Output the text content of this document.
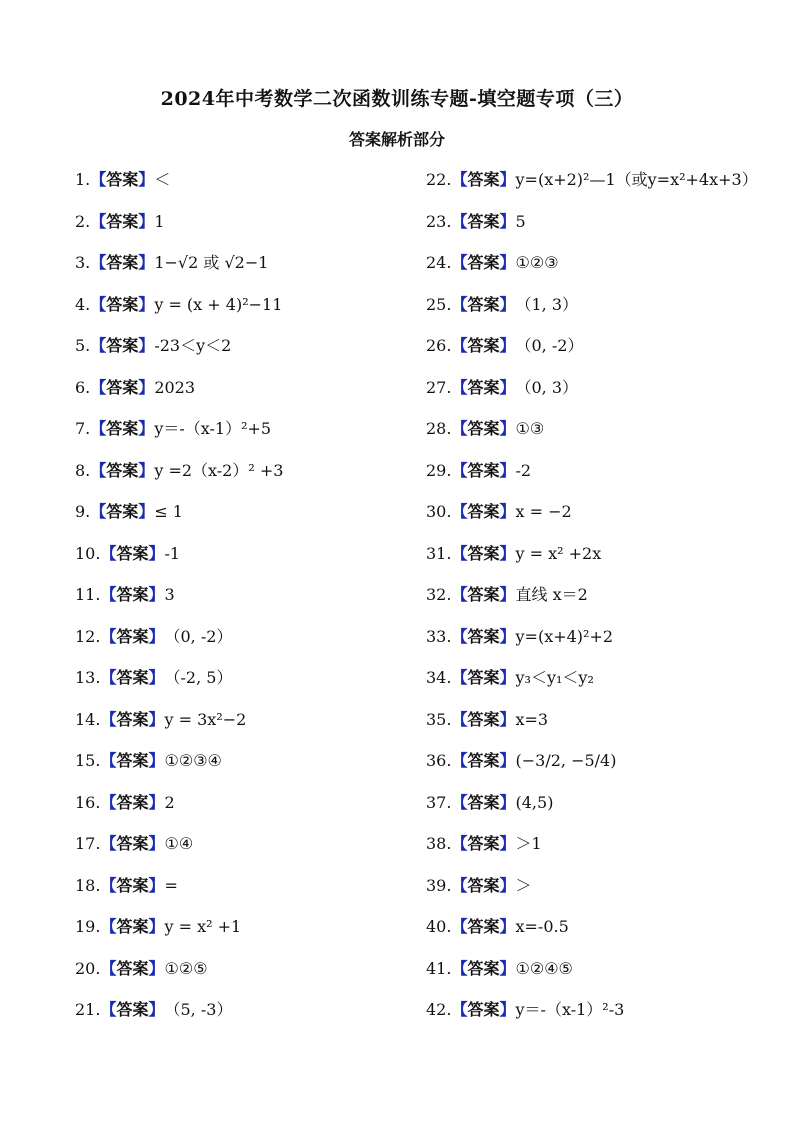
2024年中考数学二次函数训练专题-填空题专项（三）
答案解析部分
1.【答案】＜
2.【答案】1
3.【答案】1−√2 或 √2−1
4.【答案】y = (x + 4)²−11
5.【答案】-23＜y＜2
6.【答案】2023
7.【答案】y＝-（x-1）²+5
8.【答案】y =2（x-2）² +3
9.【答案】≤ 1
10.【答案】-1
11.【答案】3
12.【答案】（0, -2）
13.【答案】（-2, 5）
14.【答案】y = 3x²−2
15.【答案】①②③④
16.【答案】2
17.【答案】①④
18.【答案】=
19.【答案】y = x² +1
20.【答案】①②⑤
21.【答案】（5, -3）
22.【答案】y=(x+2)²—1（或y=x²+4x+3）
23.【答案】5
24.【答案】①②③
25.【答案】（1, 3）
26.【答案】（0, -2）
27.【答案】（0, 3）
28.【答案】①③
29.【答案】-2
30.【答案】x = −2
31.【答案】y = x² +2x
32.【答案】直线 x＝2
33.【答案】y=(x+4)²+2
34.【答案】y₃＜y₁＜y₂
35.【答案】x=3
36.【答案】(−3/2, −5/4)
37.【答案】(4,5)
38.【答案】＞1
39.【答案】＞
40.【答案】x=-0.5
41.【答案】①②④⑤
42.【答案】y＝-（x-1）²-3
